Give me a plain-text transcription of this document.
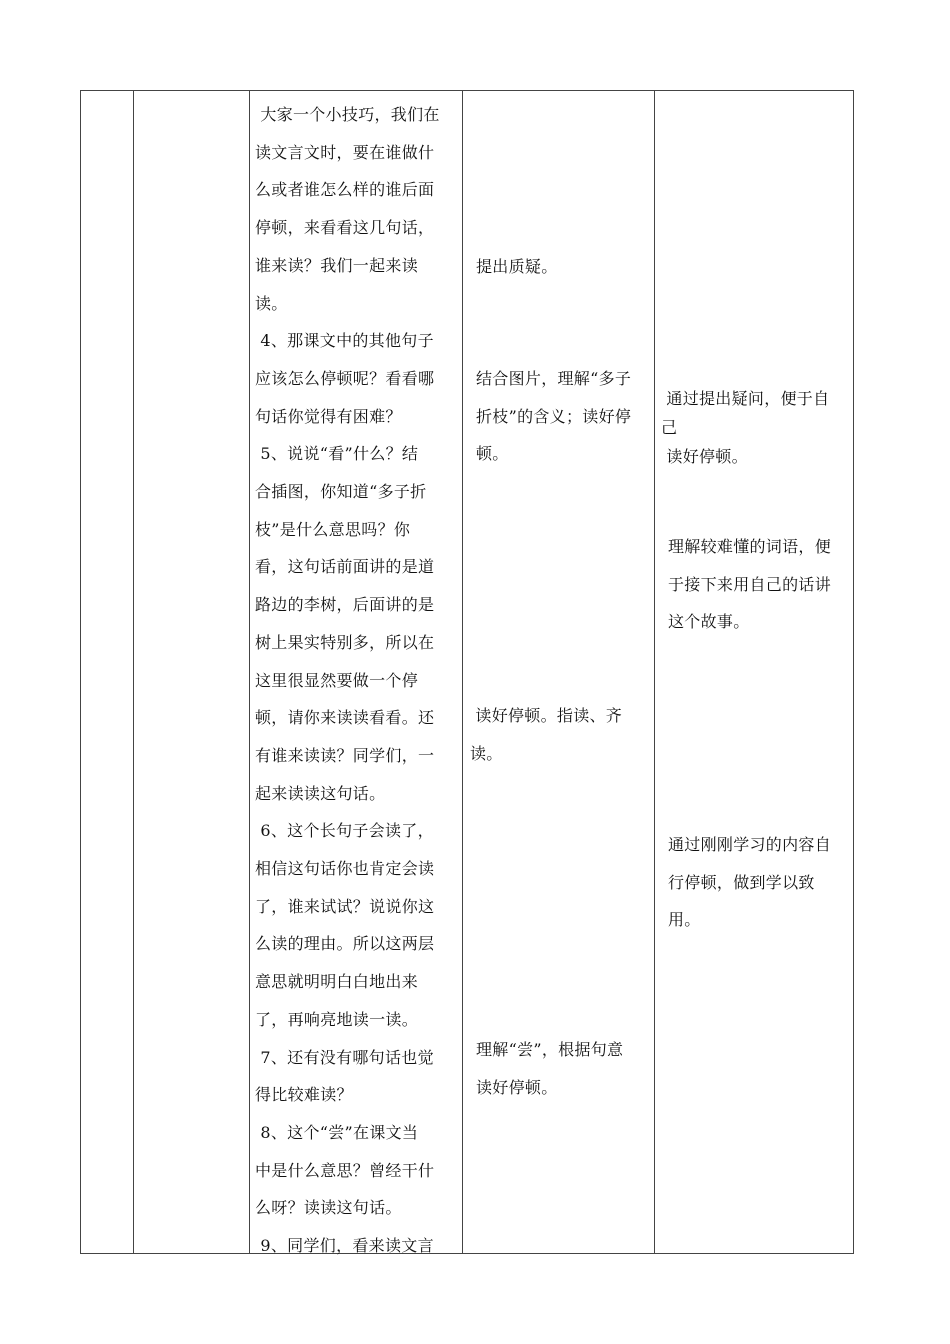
大家一个小技巧，我们在

读文言文时，要在谁做什

么或者谁怎么样的谁后面

停顿，来看看这几句话，

谁来读？我们一起来读

读。

4、那课文中的其他句子

应该怎么停顿呢？看看哪

句话你觉得有困难？

5、说说“看”什么？结

合插图，你知道“多子折

枝”是什么意思吗？你

看，这句话前面讲的是道

路边的李树，后面讲的是

树上果实特别多，所以在

这里很显然要做一个停

顿，请你来读读看看。还

有谁来读读？同学们，一

起来读读这句话。

6、这个长句子会读了，

相信这句话你也肯定会读

了，谁来试试？说说你这

么读的理由。所以这两层

意思就明明白白地出来

了，再响亮地读一读。

7、还有没有哪句话也觉

得比较难读？

8、这个“尝”在课文当

中是什么意思？曾经干什

么呀？读读这句话。

9、同学们，看来读文言

提出质疑。

结合图片，理解“多子

折枝”的含义；读好停

顿。

读好停顿。指读、齐

读。

理解“尝”，根据句意

读好停顿。

通过提出疑问，便于自

己

读好停顿。

理解较难懂的词语，便

于接下来用自己的话讲

这个故事。

通过刚刚学习的内容自

行停顿，做到学以致

用。
